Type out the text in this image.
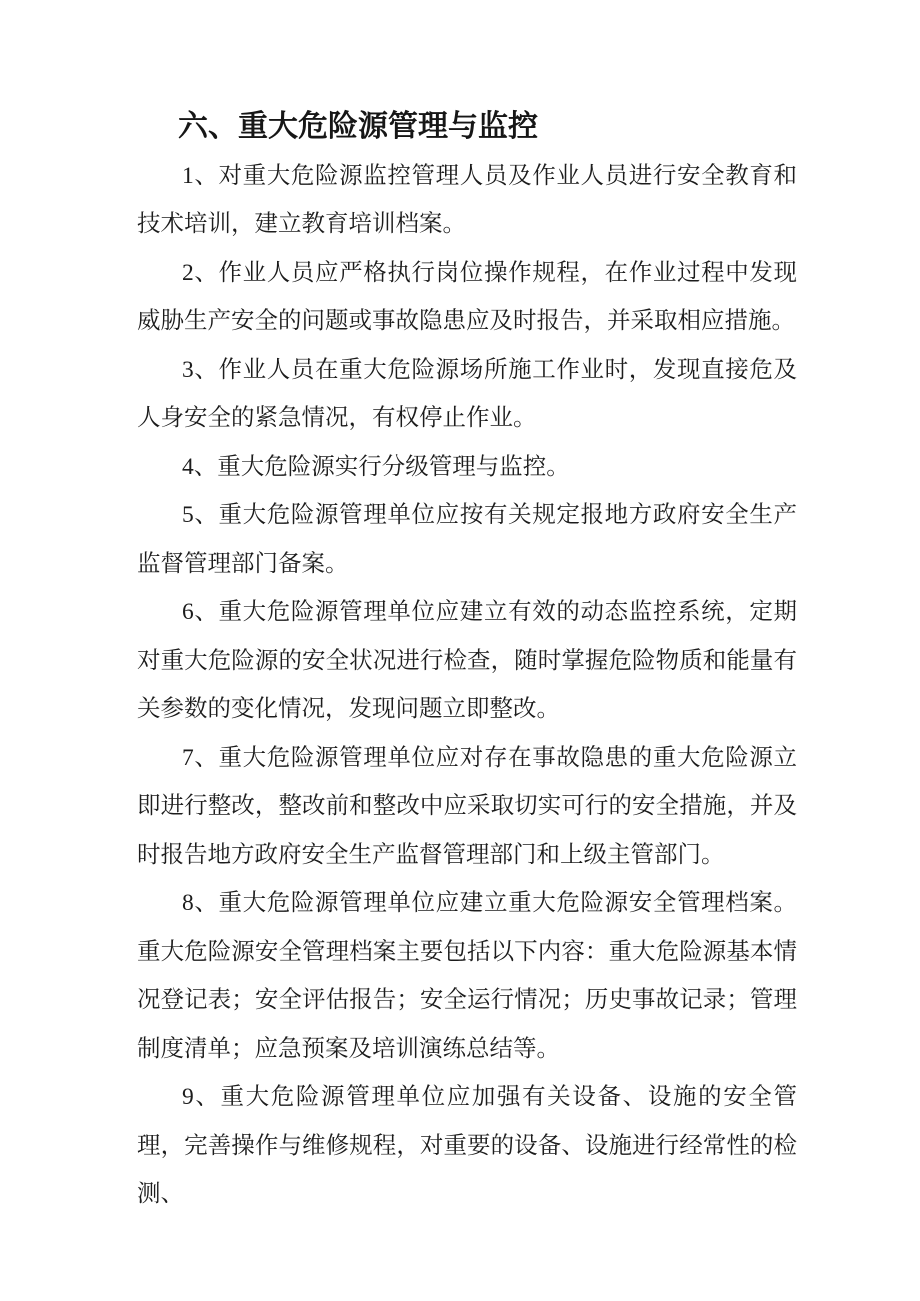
六、重大危险源管理与监控

1、对重大危险源监控管理人员及作业人员进行安全教育和技术培训，建立教育培训档案。

2、作业人员应严格执行岗位操作规程，在作业过程中发现威胁生产安全的问题或事故隐患应及时报告，并采取相应措施。

3、作业人员在重大危险源场所施工作业时，发现直接危及人身安全的紧急情况，有权停止作业。

4、重大危险源实行分级管理与监控。

5、重大危险源管理单位应按有关规定报地方政府安全生产监督管理部门备案。

6、重大危险源管理单位应建立有效的动态监控系统，定期对重大危险源的安全状况进行检查，随时掌握危险物质和能量有关参数的变化情况，发现问题立即整改。

7、重大危险源管理单位应对存在事故隐患的重大危险源立即进行整改，整改前和整改中应采取切实可行的安全措施，并及时报告地方政府安全生产监督管理部门和上级主管部门。

8、重大危险源管理单位应建立重大危险源安全管理档案。重大危险源安全管理档案主要包括以下内容：重大危险源基本情况登记表；安全评估报告；安全运行情况；历史事故记录；管理制度清单；应急预案及培训演练总结等。

9、重大危险源管理单位应加强有关设备、设施的安全管理，完善操作与维修规程，对重要的设备、设施进行经常性的检测、
